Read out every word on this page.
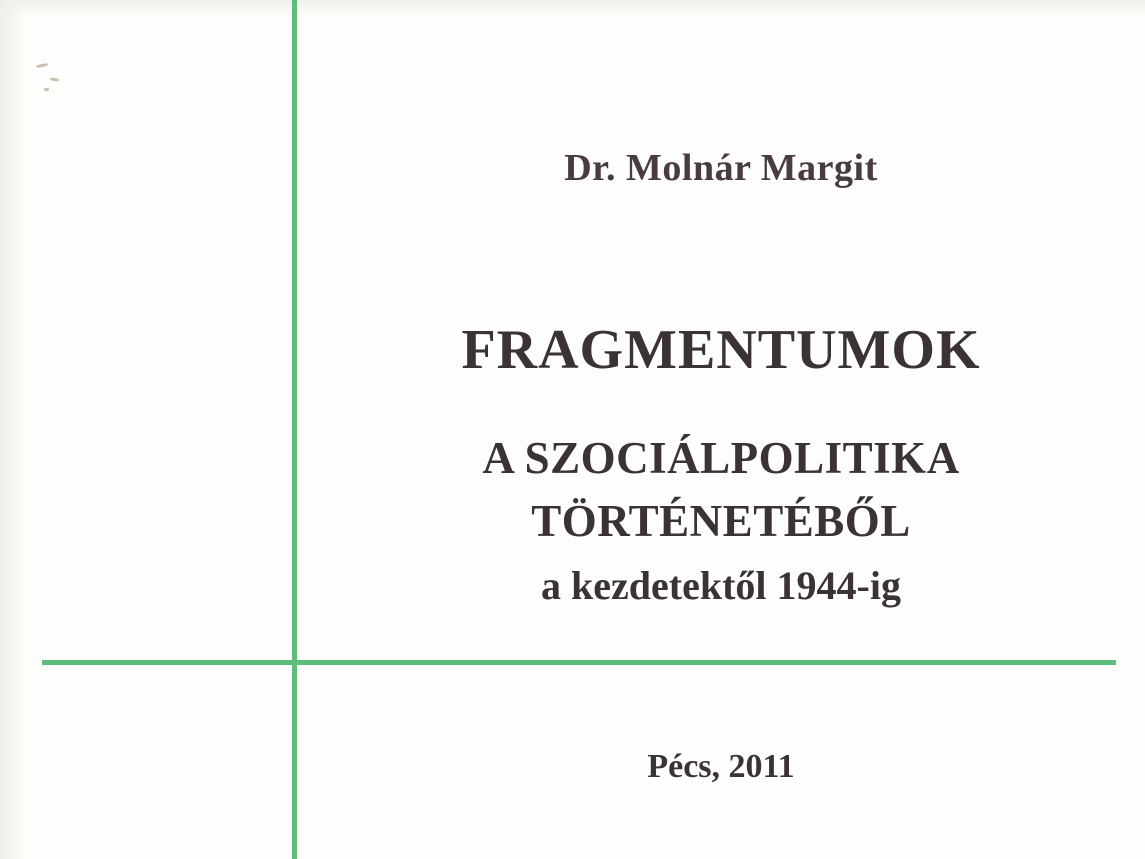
Dr. Molnár Margit
FRAGMENTUMOK
A SZOCIÁLPOLITIKA
TÖRTÉNETÉBŐL
a kezdetektől 1944-ig
Pécs, 2011
